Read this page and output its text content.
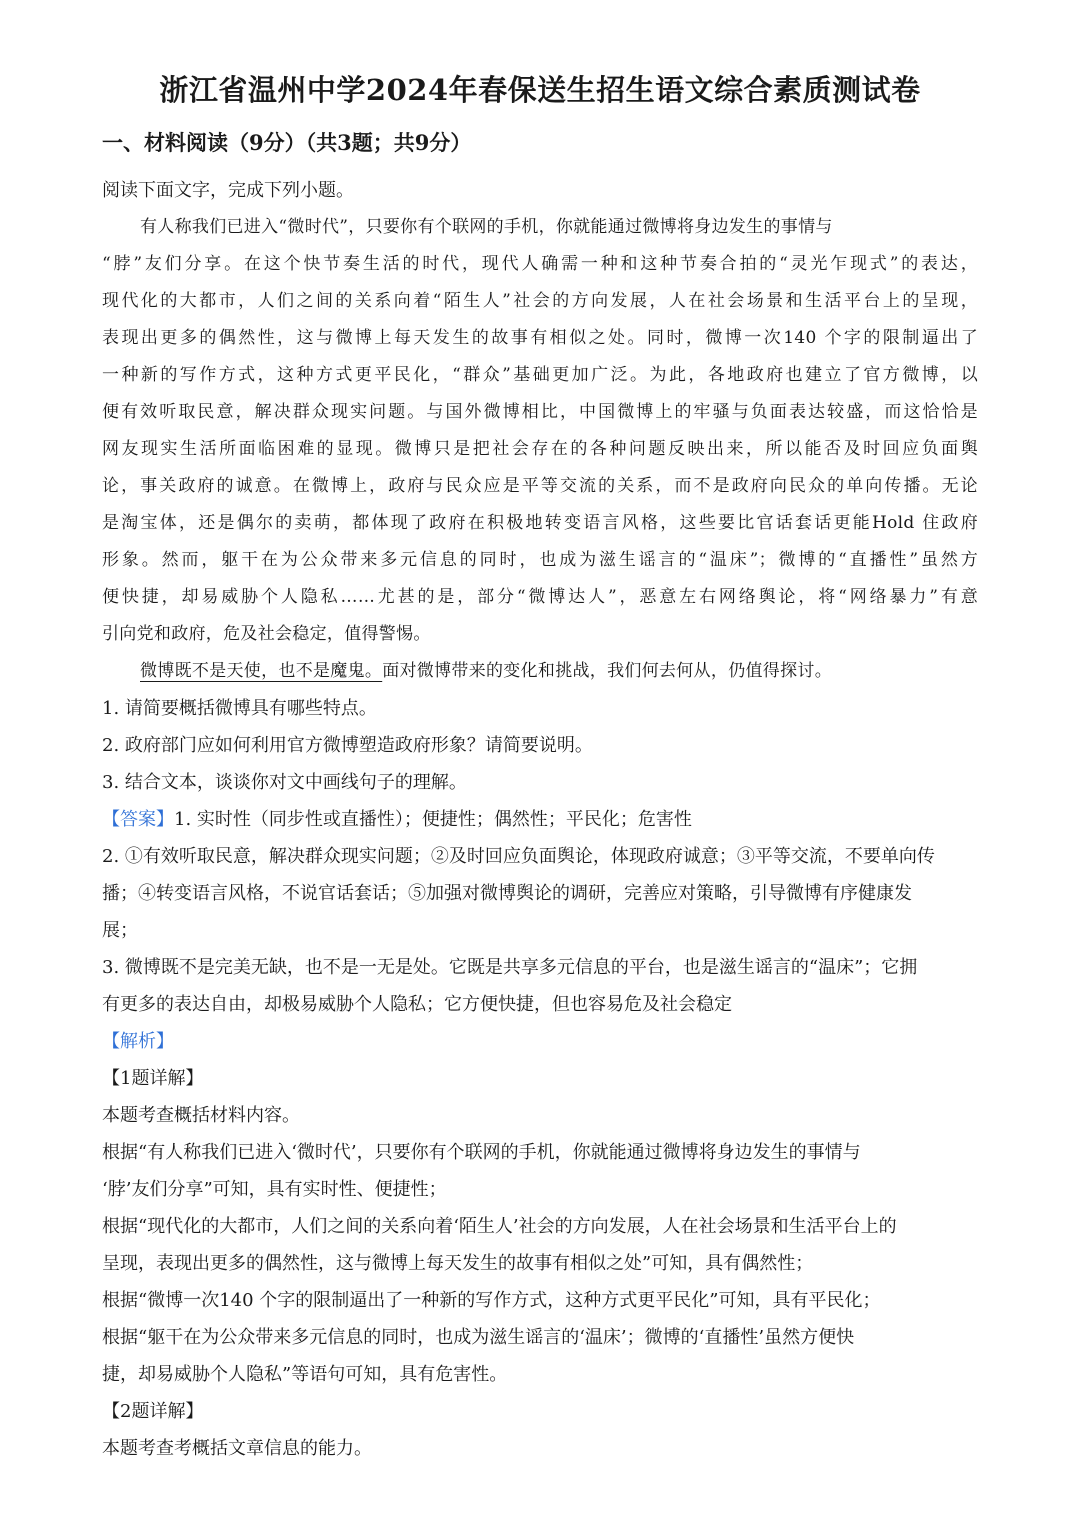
浙江省温州中学2024年春保送生招生语文综合素质测试卷
一、材料阅读（9分）（共3题；共9分）

阅读下面文字，完成下列小题。

有人称我们已进入“微时代”，只要你有个联网的手机，你就能通过微博将身边发生的事情与

“脖”友们分享。在这个快节奏生活的时代，现代人确需一种和这种节奏合拍的“灵光乍现式”的表达，

现代化的大都市，人们之间的关系向着“陌生人”社会的方向发展，人在社会场景和生活平台上的呈现，

表现出更多的偶然性，这与微博上每天发生的故事有相似之处。同时，微博一次140 个字的限制逼出了

一种新的写作方式，这种方式更平民化，“群众”基础更加广泛。为此，各地政府也建立了官方微博，以

便有效听取民意，解决群众现实问题。与国外微博相比，中国微博上的牢骚与负面表达较盛，而这恰恰是

网友现实生活所面临困难的显现。微博只是把社会存在的各种问题反映出来，所以能否及时回应负面舆

论，事关政府的诚意。在微博上，政府与民众应是平等交流的关系，而不是政府向民众的单向传播。无论

是淘宝体，还是偶尔的卖萌，都体现了政府在积极地转变语言风格，这些要比官话套话更能Hold 住政府

形象。然而，躯干在为公众带来多元信息的同时，也成为滋生谣言的“温床”；微博的“直播性”虽然方

便快捷，却易威胁个人隐私……尤甚的是，部分“微博达人”，恶意左右网络舆论，将“网络暴力”有意

引向党和政府，危及社会稳定，值得警惕。

微博既不是天使，也不是魔鬼。面对微博带来的变化和挑战，我们何去何从，仍值得探讨。

1. 请简要概括微博具有哪些特点。

2. 政府部门应如何利用官方微博塑造政府形象？请简要说明。

3. 结合文本，谈谈你对文中画线句子的理解。

【答案】1. 实时性（同步性或直播性）；便捷性；偶然性；平民化；危害性

2. ①有效听取民意，解决群众现实问题；②及时回应负面舆论，体现政府诚意；③平等交流，不要单向传

播；④转变语言风格，不说官话套话；⑤加强对微博舆论的调研，完善应对策略，引导微博有序健康发

展；

3. 微博既不是完美无缺，也不是一无是处。它既是共享多元信息的平台，也是滋生谣言的“温床”；它拥

有更多的表达自由，却极易威胁个人隐私；它方便快捷，但也容易危及社会稳定

【解析】

【1题详解】

本题考查概括材料内容。

根据“有人称我们已进入‘微时代’，只要你有个联网的手机，你就能通过微博将身边发生的事情与

‘脖’友们分享”可知，具有实时性、便捷性；

根据“现代化的大都市，人们之间的关系向着‘陌生人’社会的方向发展，人在社会场景和生活平台上的

呈现，表现出更多的偶然性，这与微博上每天发生的故事有相似之处”可知，具有偶然性；

根据“微博一次140 个字的限制逼出了一种新的写作方式，这种方式更平民化”可知，具有平民化；

根据“躯干在为公众带来多元信息的同时，也成为滋生谣言的‘温床’；微博的‘直播性’虽然方便快

捷，却易威胁个人隐私”等语句可知，具有危害性。

【2题详解】

本题考查考概括文章信息的能力。
